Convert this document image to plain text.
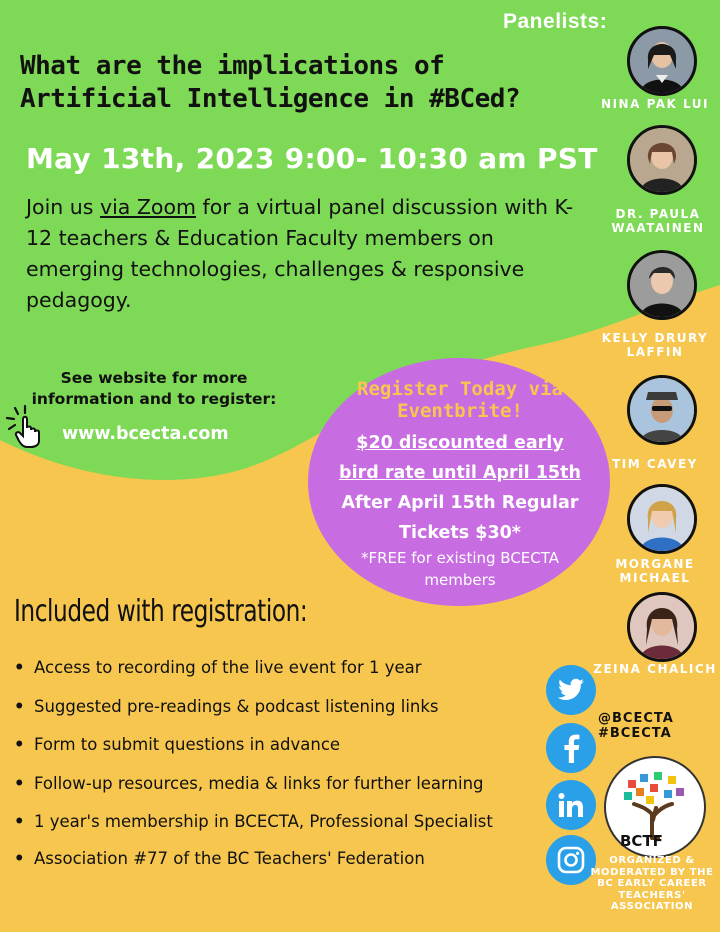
Panelists:
What are the implications of Artificial Intelligence in #BCed?
May 13th, 2023 9:00- 10:30 am PST
Join us via Zoom for a virtual panel discussion with K-12 teachers & Education Faculty members on emerging technologies, challenges & responsive pedagogy.
See website for more information and to register:
www.bcecta.com
Register Today via Eventbrite!
$20 discounted early bird rate until April 15th
After April 15th Regular Tickets $30*
*FREE for existing BCECTA members
Included with registration:
• Access to recording of the live event for 1 year
• Suggested pre-readings & podcast listening links
• Form to submit questions in advance
• Follow-up resources, media & links for further learning
• 1 year's membership in BCECTA, Professional Specialist
• Association #77 of the BC Teachers' Federation
NINA PAK LUI
DR. PAULA WAATAINEN
KELLY DRURY LAFFIN
TIM CAVEY
MORGANE MICHAEL
ZEINA CHALICH
@BCECTA
#BCECTA
BCTF
ORGANIZED & MODERATED BY THE BC EARLY CAREER TEACHERS' ASSOCIATION
